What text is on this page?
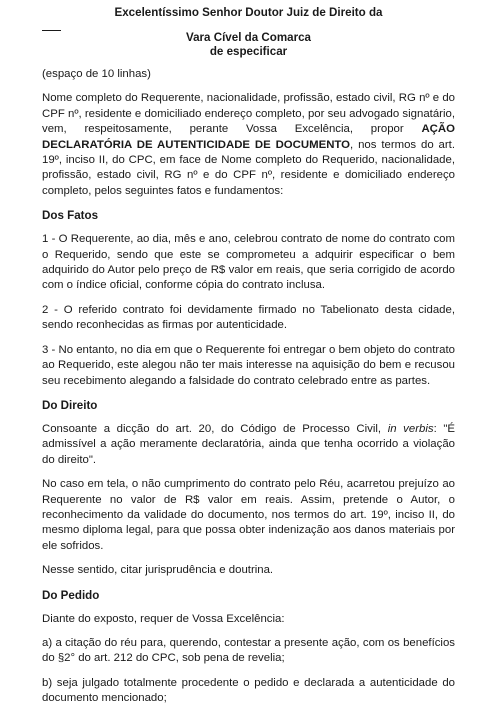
Excelentíssimo Senhor Doutor Juiz de Direito da
Vara Cível da Comarca
de especificar

(espaço de 10 linhas)

Nome completo do Requerente, nacionalidade, profissão, estado civil, RG nº e do CPF nº, residente e domiciliado endereço completo, por seu advogado signatário, vem, respeitosamente, perante Vossa Excelência, propor AÇÃO DECLARATÓRIA DE AUTENTICIDADE DE DOCUMENTO, nos termos do art. 19º, inciso II, do CPC, em face de Nome completo do Requerido, nacionalidade, profissão, estado civil, RG nº e do CPF nº, residente e domiciliado endereço completo, pelos seguintes fatos e fundamentos:

Dos Fatos

1 - O Requerente, ao dia, mês e ano, celebrou contrato de nome do contrato com o Requerido, sendo que este se comprometeu a adquirir especificar o bem adquirido do Autor pelo preço de R$ valor em reais, que seria corrigido de acordo com o índice oficial, conforme cópia do contrato inclusa.

2 - O referido contrato foi devidamente firmado no Tabelionato desta cidade, sendo reconhecidas as firmas por autenticidade.

3 - No entanto, no dia em que o Requerente foi entregar o bem objeto do contrato ao Requerido, este alegou não ter mais interesse na aquisição do bem e recusou seu recebimento alegando a falsidade do contrato celebrado entre as partes.

Do Direito

Consoante a dicção do art. 20, do Código de Processo Civil, in verbis: "É admissível a ação meramente declaratória, ainda que tenha ocorrido a violação do direito".

No caso em tela, o não cumprimento do contrato pelo Réu, acarretou prejuízo ao Requerente no valor de R$ valor em reais. Assim, pretende o Autor, o reconhecimento da validade do documento, nos termos do art. 19º, inciso II, do mesmo diploma legal, para que possa obter indenização aos danos materiais por ele sofridos.

Nesse sentido, citar jurisprudência e doutrina.

Do Pedido

Diante do exposto, requer de Vossa Excelência:

a) a citação do réu para, querendo, contestar a presente ação, com os benefícios do §2° do art. 212 do CPC, sob pena de revelia;

b) seja julgado totalmente procedente o pedido e declarada a autenticidade do documento mencionado;
